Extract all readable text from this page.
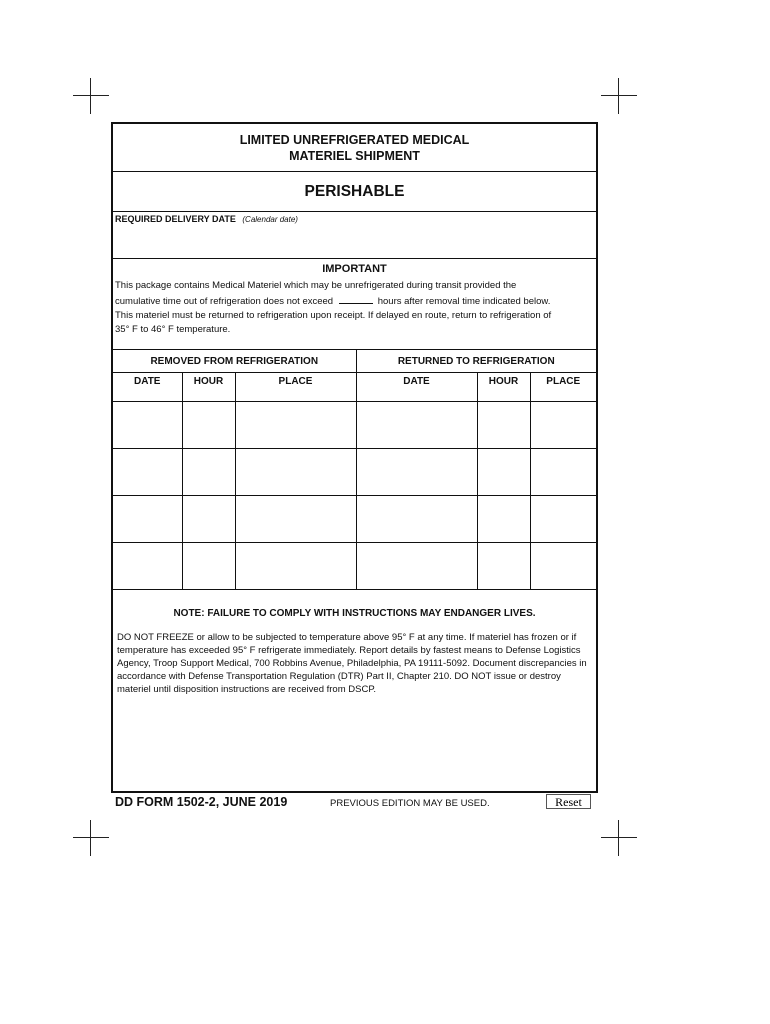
LIMITED UNREFRIGERATED MEDICAL
MATERIEL SHIPMENT
PERISHABLE
REQUIRED DELIVERY DATE (Calendar date)
IMPORTANT
This package contains Medical Materiel which may be unrefrigerated during transit provided the
cumulative time out of refrigeration does not exceed	hours after removal time indicated below.
This materiel must be returned to refrigeration upon receipt. If delayed en route, return to refrigeration of
35° F to 46° F temperature.
REMOVED FROM REFRIGERATION			RETURNED TO REFRIGERATION		
DATE	HOUR	PLACE	DATE	HOUR	PLACE

NOTE: FAILURE TO COMPLY WITH INSTRUCTIONS MAY ENDANGER LIVES.
DO NOT FREEZE or allow to be subjected to temperature above 95° F at any time. If materiel has frozen or if temperature has exceeded 95° F refrigerate immediately. Report details by fastest means to Defense Logistics Agency, Troop Support Medical, 700 Robbins Avenue, Philadelphia, PA 19111-5092. Document discrepancies in accordance with Defense Transportation Regulation (DTR) Part II, Chapter 210. DO NOT issue or destroy materiel until disposition instructions are received from DSCP.
DD FORM 1502-2, JUNE 2019	PREVIOUS EDITION MAY BE USED.	Reset
